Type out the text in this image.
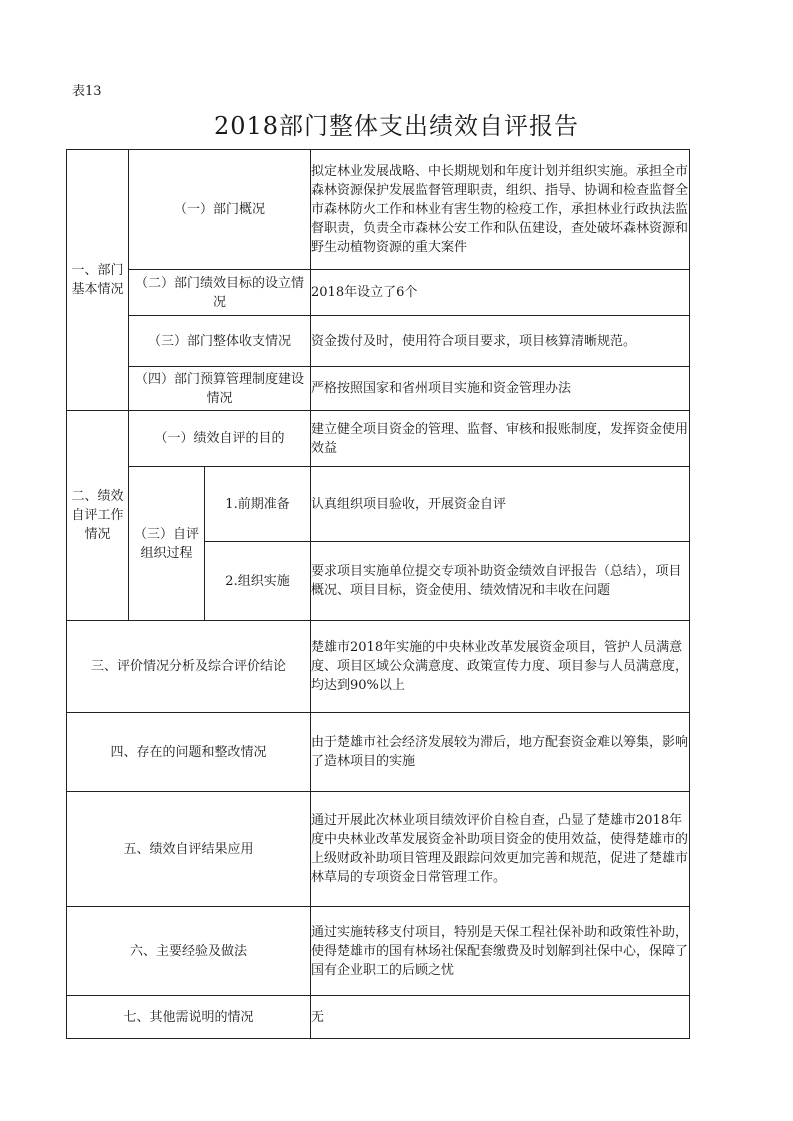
表13
2018部门整体支出绩效自评报告
一、部门基本情况	（一）部门概况		拟定林业发展战略、中长期规划和年度计划并组织实施。承担全市森林资源保护发展监督管理职责，组织、指导、协调和检查监督全市森林防火工作和林业有害生物的检疫工作，承担林业行政执法监督职责，负责全市森林公安工作和队伍建设，查处破坏森林资源和野生动植物资源的重大案件
	（二）部门绩效目标的设立情况		2018年设立了6个
	（三）部门整体收支情况		资金拨付及时，使用符合项目要求，项目核算清晰规范。
	（四）部门预算管理制度建设情况		严格按照国家和省州项目实施和资金管理办法
二、绩效自评工作情况	（一）绩效自评的目的		建立健全项目资金的管理、监督、审核和报账制度，发挥资金使用效益
	（三）自评组织过程	1.前期准备	认真组织项目验收，开展资金自评
		2.组织实施	要求项目实施单位提交专项补助资金绩效自评报告（总结），项目概况、项目目标，资金使用、绩效情况和丰收在问题
三、评价情况分析及综合评价结论			楚雄市2018年实施的中央林业改革发展资金项目，管护人员满意度、项目区域公众满意度、政策宣传力度、项目参与人员满意度，均达到90%以上
四、存在的问题和整改情况			由于楚雄市社会经济发展较为滞后，地方配套资金难以筹集，影响了造林项目的实施
五、绩效自评结果应用			通过开展此次林业项目绩效评价自检自查，凸显了楚雄市2018年度中央林业改革发展资金补助项目资金的使用效益，使得楚雄市的上级财政补助项目管理及跟踪问效更加完善和规范，促进了楚雄市林草局的专项资金日常管理工作。
六、主要经验及做法			通过实施转移支付项目，特别是天保工程社保补助和政策性补助，使得楚雄市的国有林场社保配套缴费及时划解到社保中心，保障了国有企业职工的后顾之忧
七、其他需说明的情况			无
